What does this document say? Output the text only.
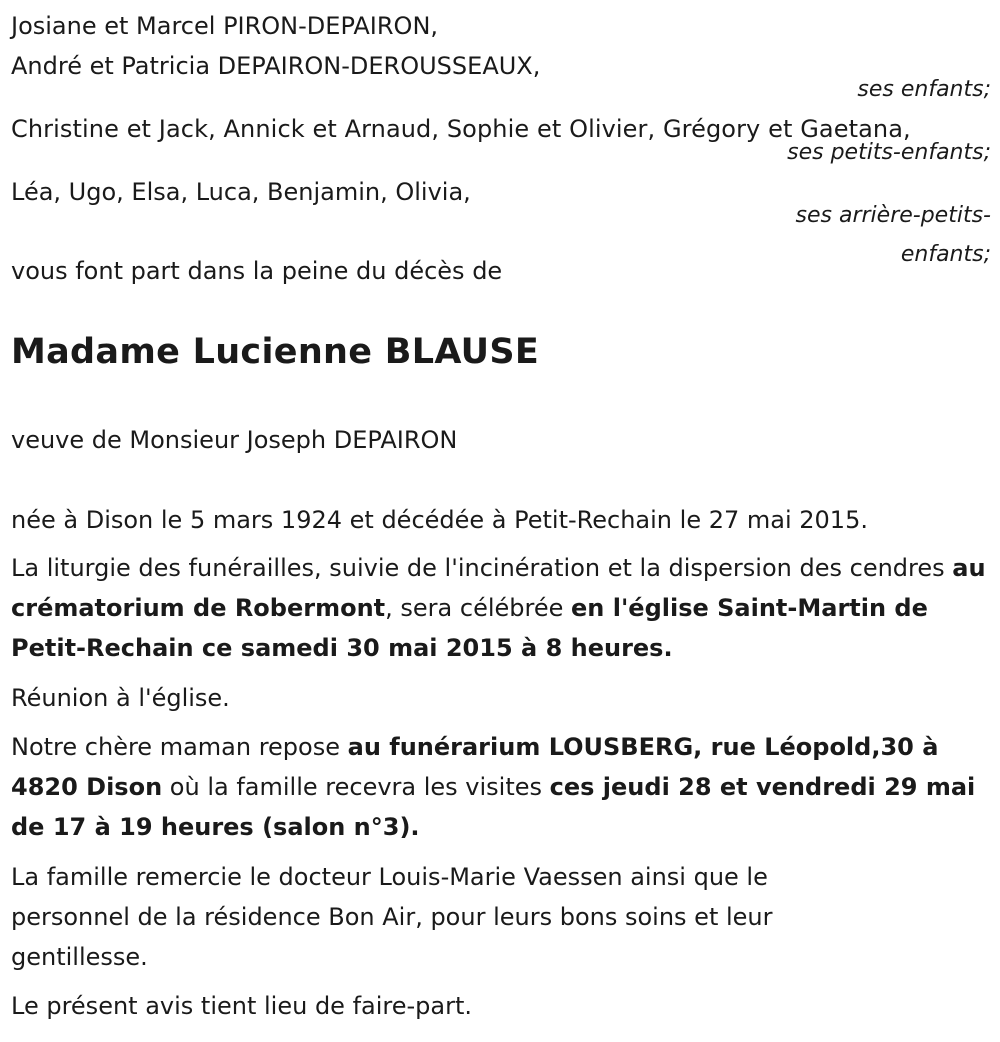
Josiane et Marcel PIRON-DEPAIRON,

André et Patricia DEPAIRON-DEROUSSEAUX,

ses enfants;

Christine et Jack, Annick et Arnaud, Sophie et Olivier, Grégory et Gaetana,

ses petits-enfants;

Léa, Ugo, Elsa, Luca, Benjamin, Olivia,

ses arrière-petits-

enfants;

vous font part dans la peine du décès de

Madame Lucienne BLAUSE

veuve de Monsieur Joseph DEPAIRON

née à Dison le 5 mars 1924 et décédée à Petit-Rechain le 27 mai 2015.

La liturgie des funérailles, suivie de l'incinération et la dispersion des cendres au crématorium de Robermont, sera célébrée en l'église Saint-Martin de Petit-Rechain ce samedi 30 mai 2015 à 8 heures.

Réunion à l'église.

Notre chère maman repose au funérarium LOUSBERG, rue Léopold,30 à 4820 Dison où la famille recevra les visites ces jeudi 28 et vendredi 29 mai de 17 à 19 heures (salon n°3).

La famille remercie le docteur Louis-Marie Vaessen ainsi que le personnel de la résidence Bon Air, pour leurs bons soins et leur gentillesse.

Le présent avis tient lieu de faire-part.
